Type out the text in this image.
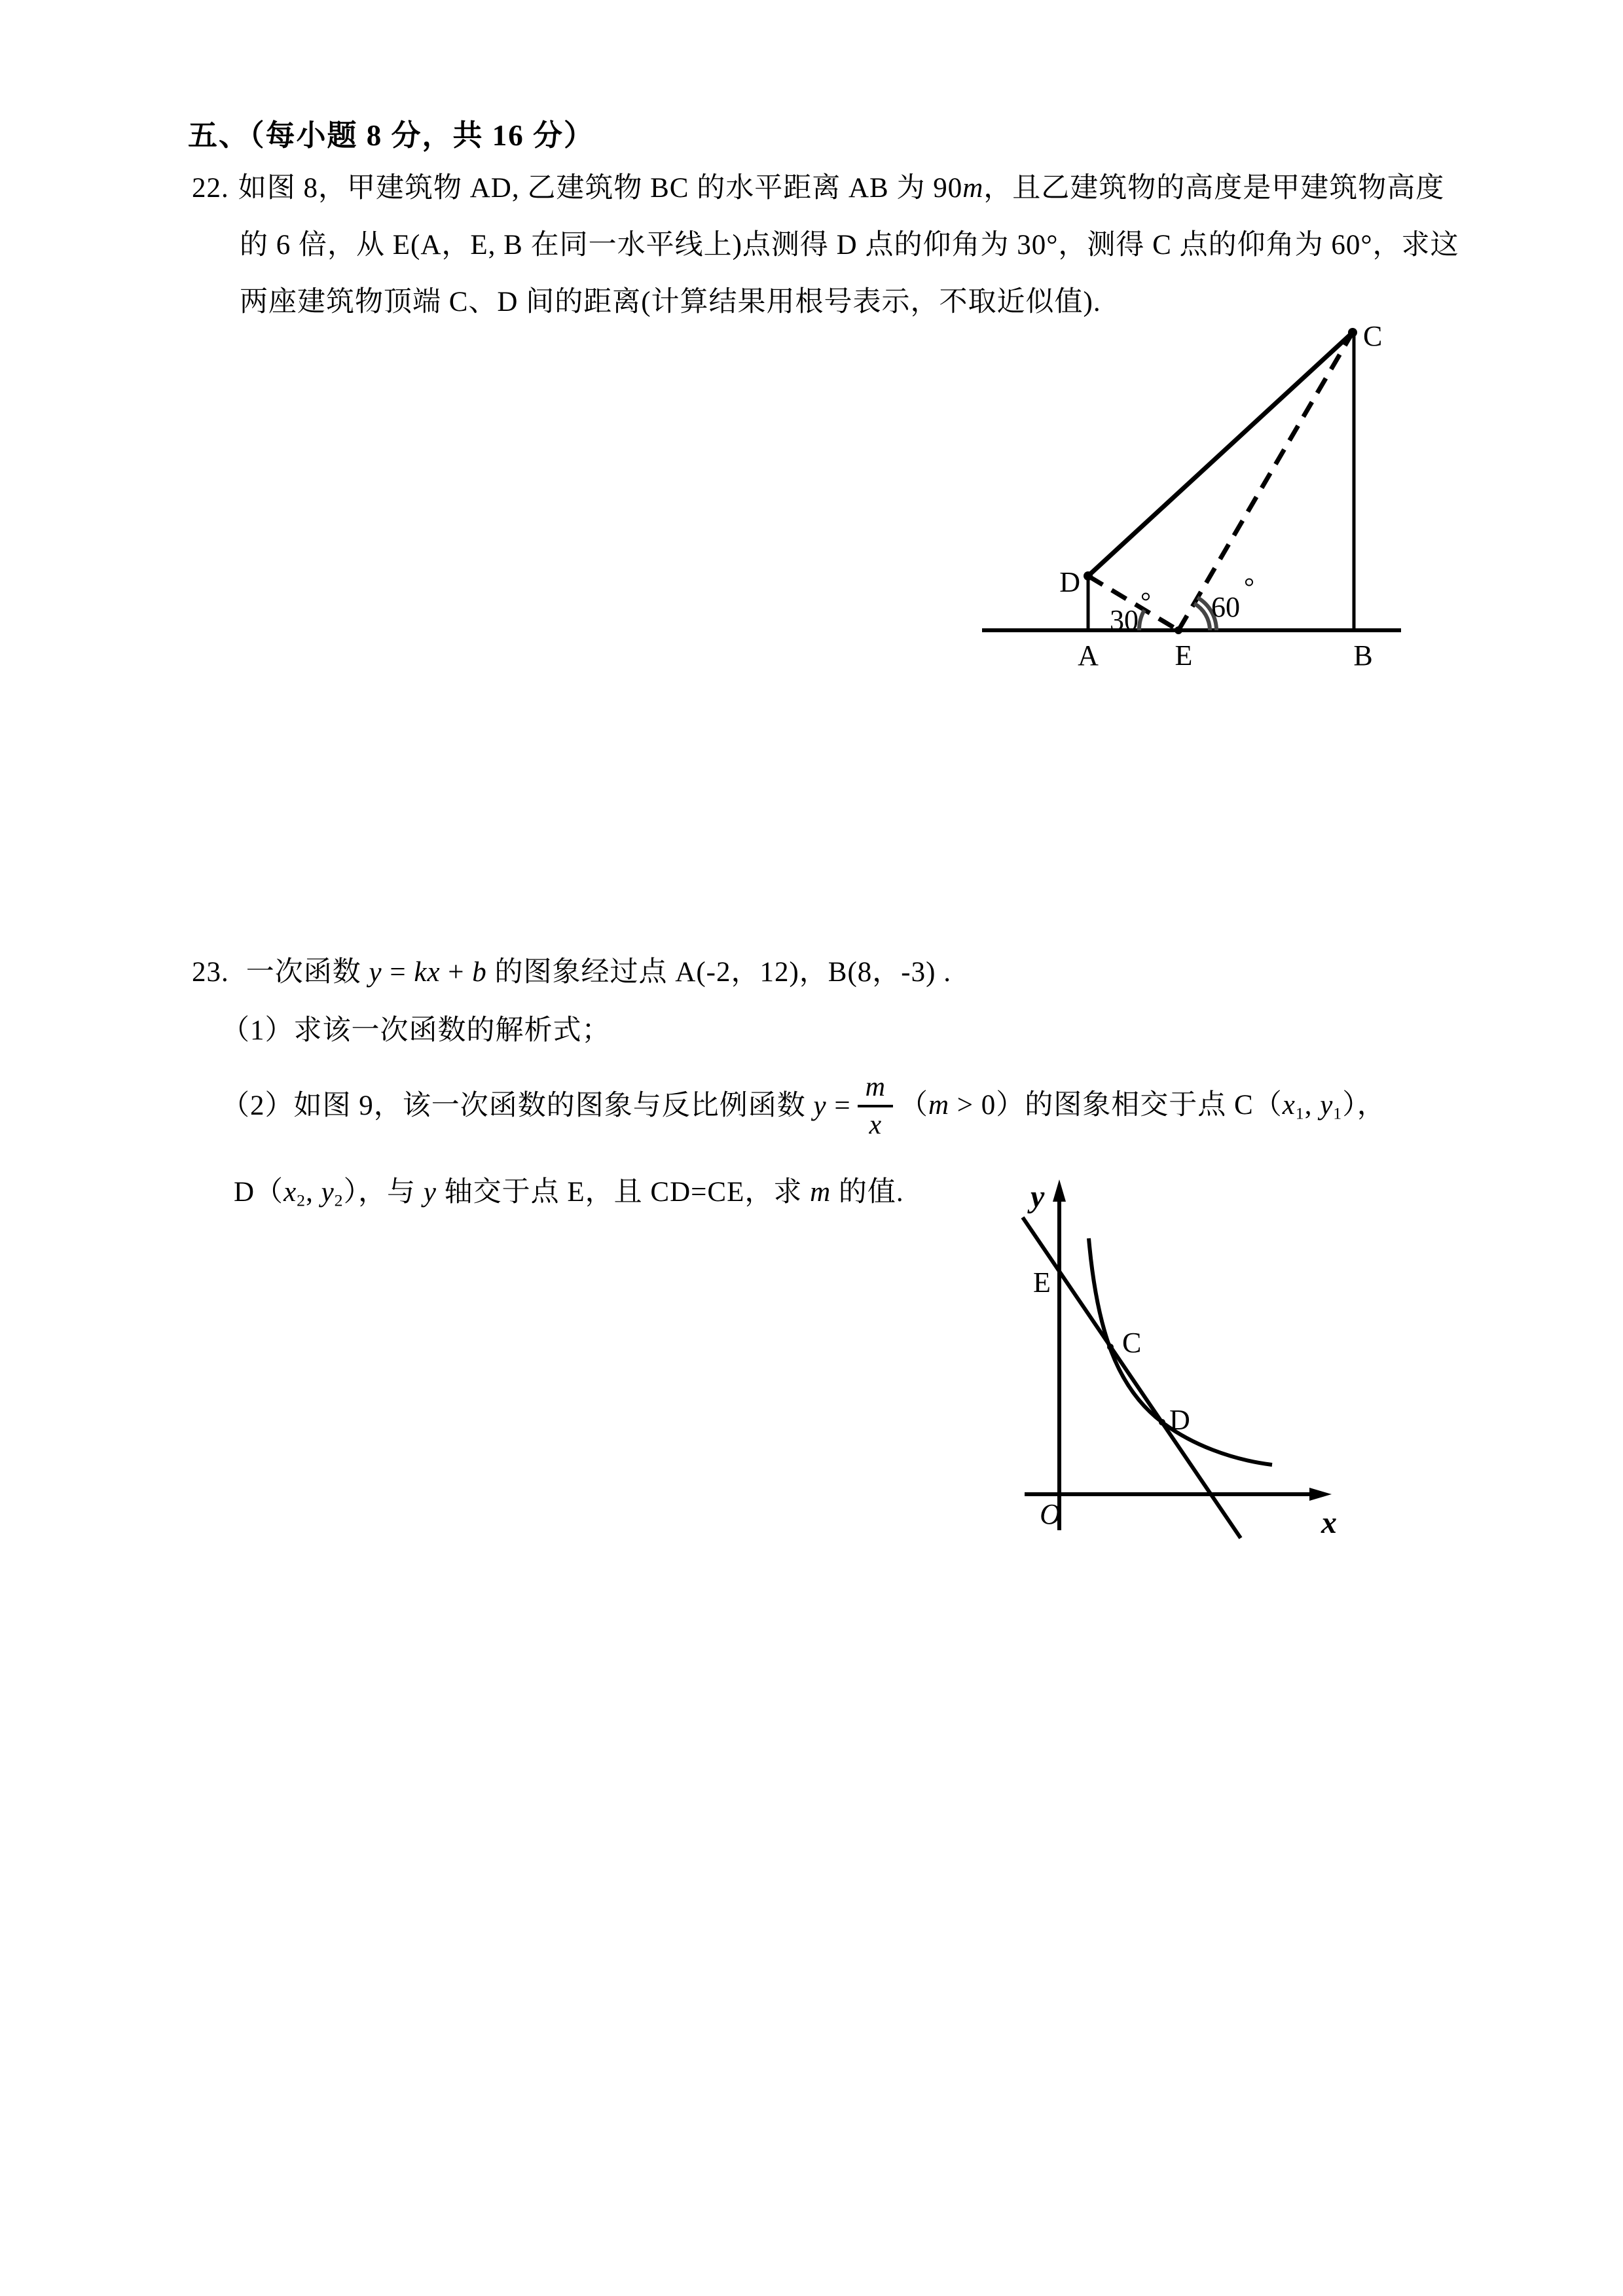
五、（每小题 8 分，共 16 分）
22. 如图 8，甲建筑物 AD, 乙建筑物 BC 的水平距离 AB 为 90m，且乙建筑物的高度是甲建筑物高度
的 6 倍，从 E(A，E, B 在同一水平线上)点测得 D 点的仰角为 30°，测得 C 点的仰角为 60°，求这
两座建筑物顶端 C、D 间的距离(计算结果用根号表示，不取近似值).
C
D
A	E	B
30
° 60
°
23. 一次函数 y = kx + b 的图象经过点 A(-2，12)，B(8，-3) .
（1）求该一次函数的解析式；
（2）如图 9，该一次函数的图象与反比例函数 $y = \frac{m}{x} (m > 0)$的图象相交于点 $C(x_1$, $y_1$），
$D(x_2$, $y_2$），与 y 轴交于点 E，且 CD=CE，求 m 的值.	y
x
O
E
C
D
